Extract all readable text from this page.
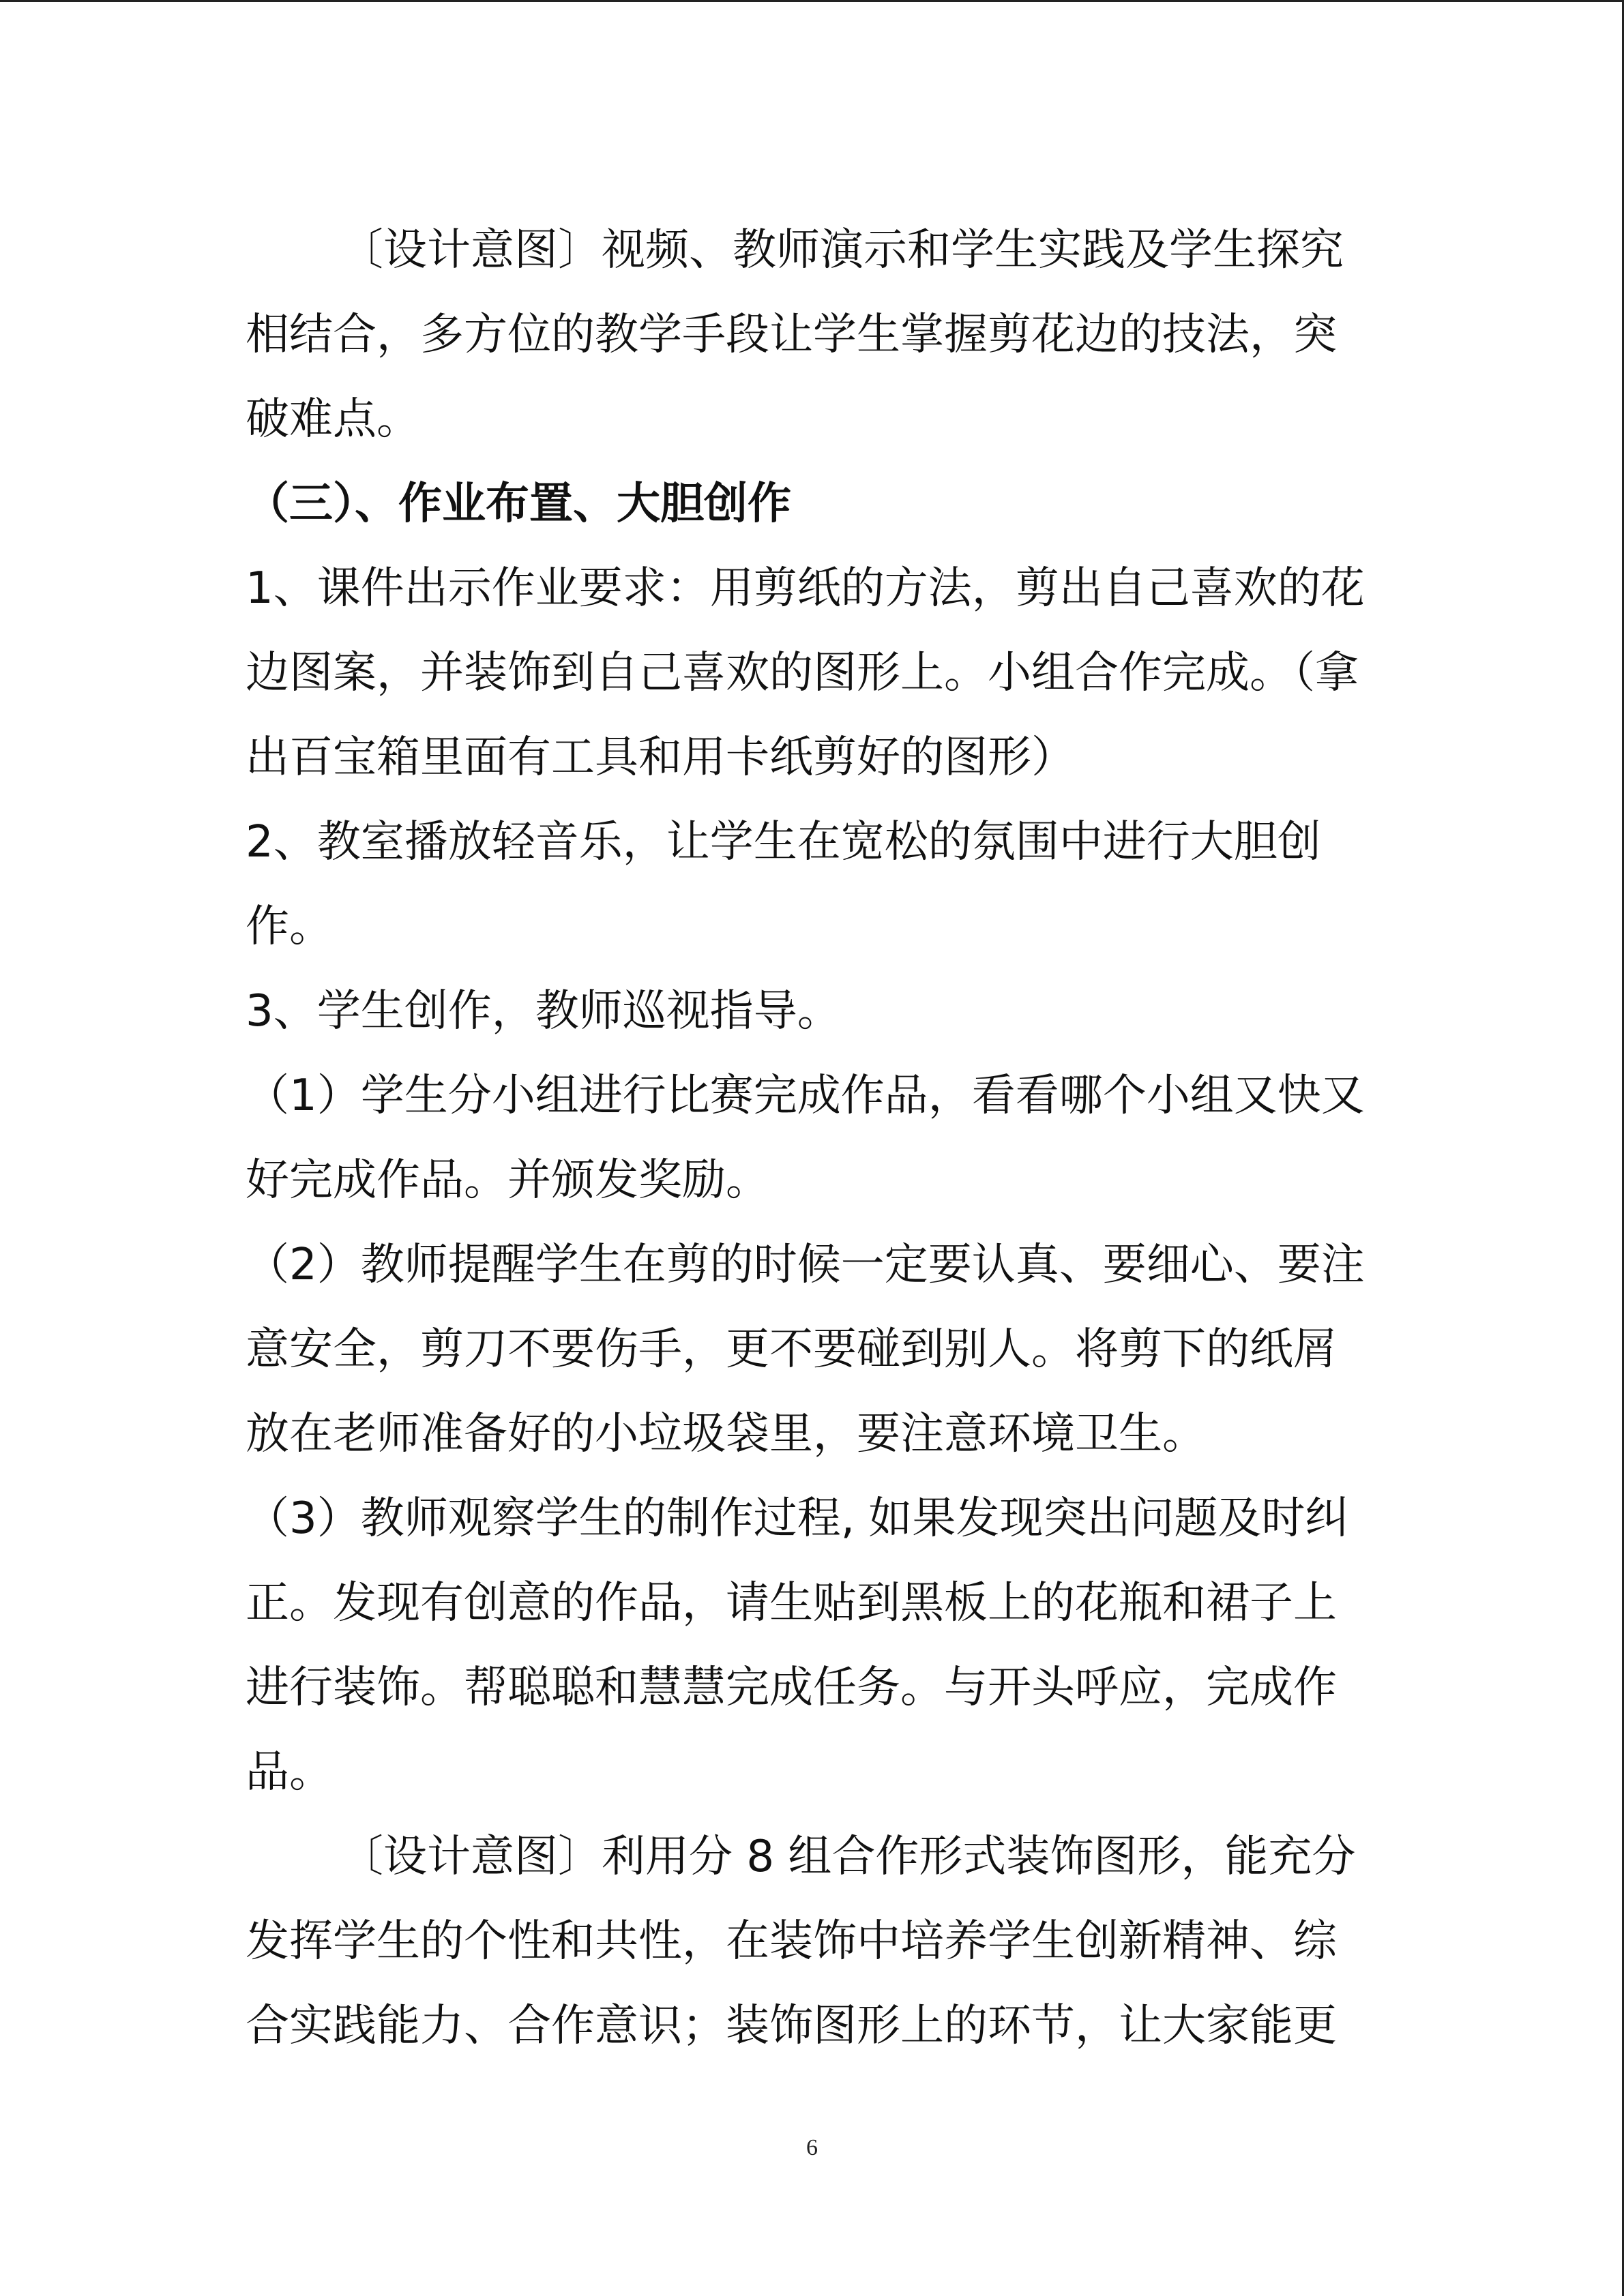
〔设计意图〕视频、教师演示和学生实践及学生探究相结合，多方位的教学手段让学生掌握剪花边的技法，突破难点。

（三）、作业布置、大胆创作

1、课件出示作业要求：用剪纸的方法，剪出自己喜欢的花边图案，并装饰到自己喜欢的图形上。小组合作完成。（拿出百宝箱里面有工具和用卡纸剪好的图形）

2、教室播放轻音乐，让学生在宽松的氛围中进行大胆创作。

3、学生创作，教师巡视指导。

（1）学生分小组进行比赛完成作品，看看哪个小组又快又好完成作品。并颁发奖励。

（2）教师提醒学生在剪的时候一定要认真、要细心、要注意安全，剪刀不要伤手，更不要碰到别人。将剪下的纸屑放在老师准备好的小垃圾袋里，要注意环境卫生。

（3）教师观察学生的制作过程, 如果发现突出问题及时纠正。发现有创意的作品，请生贴到黑板上的花瓶和裙子上进行装饰。帮聪聪和慧慧完成任务。与开头呼应，完成作品。

〔设计意图〕利用分 8 组合作形式装饰图形，能充分发挥学生的个性和共性，在装饰中培养学生创新精神、综合实践能力、合作意识；装饰图形上的环节，让大家能更

6
